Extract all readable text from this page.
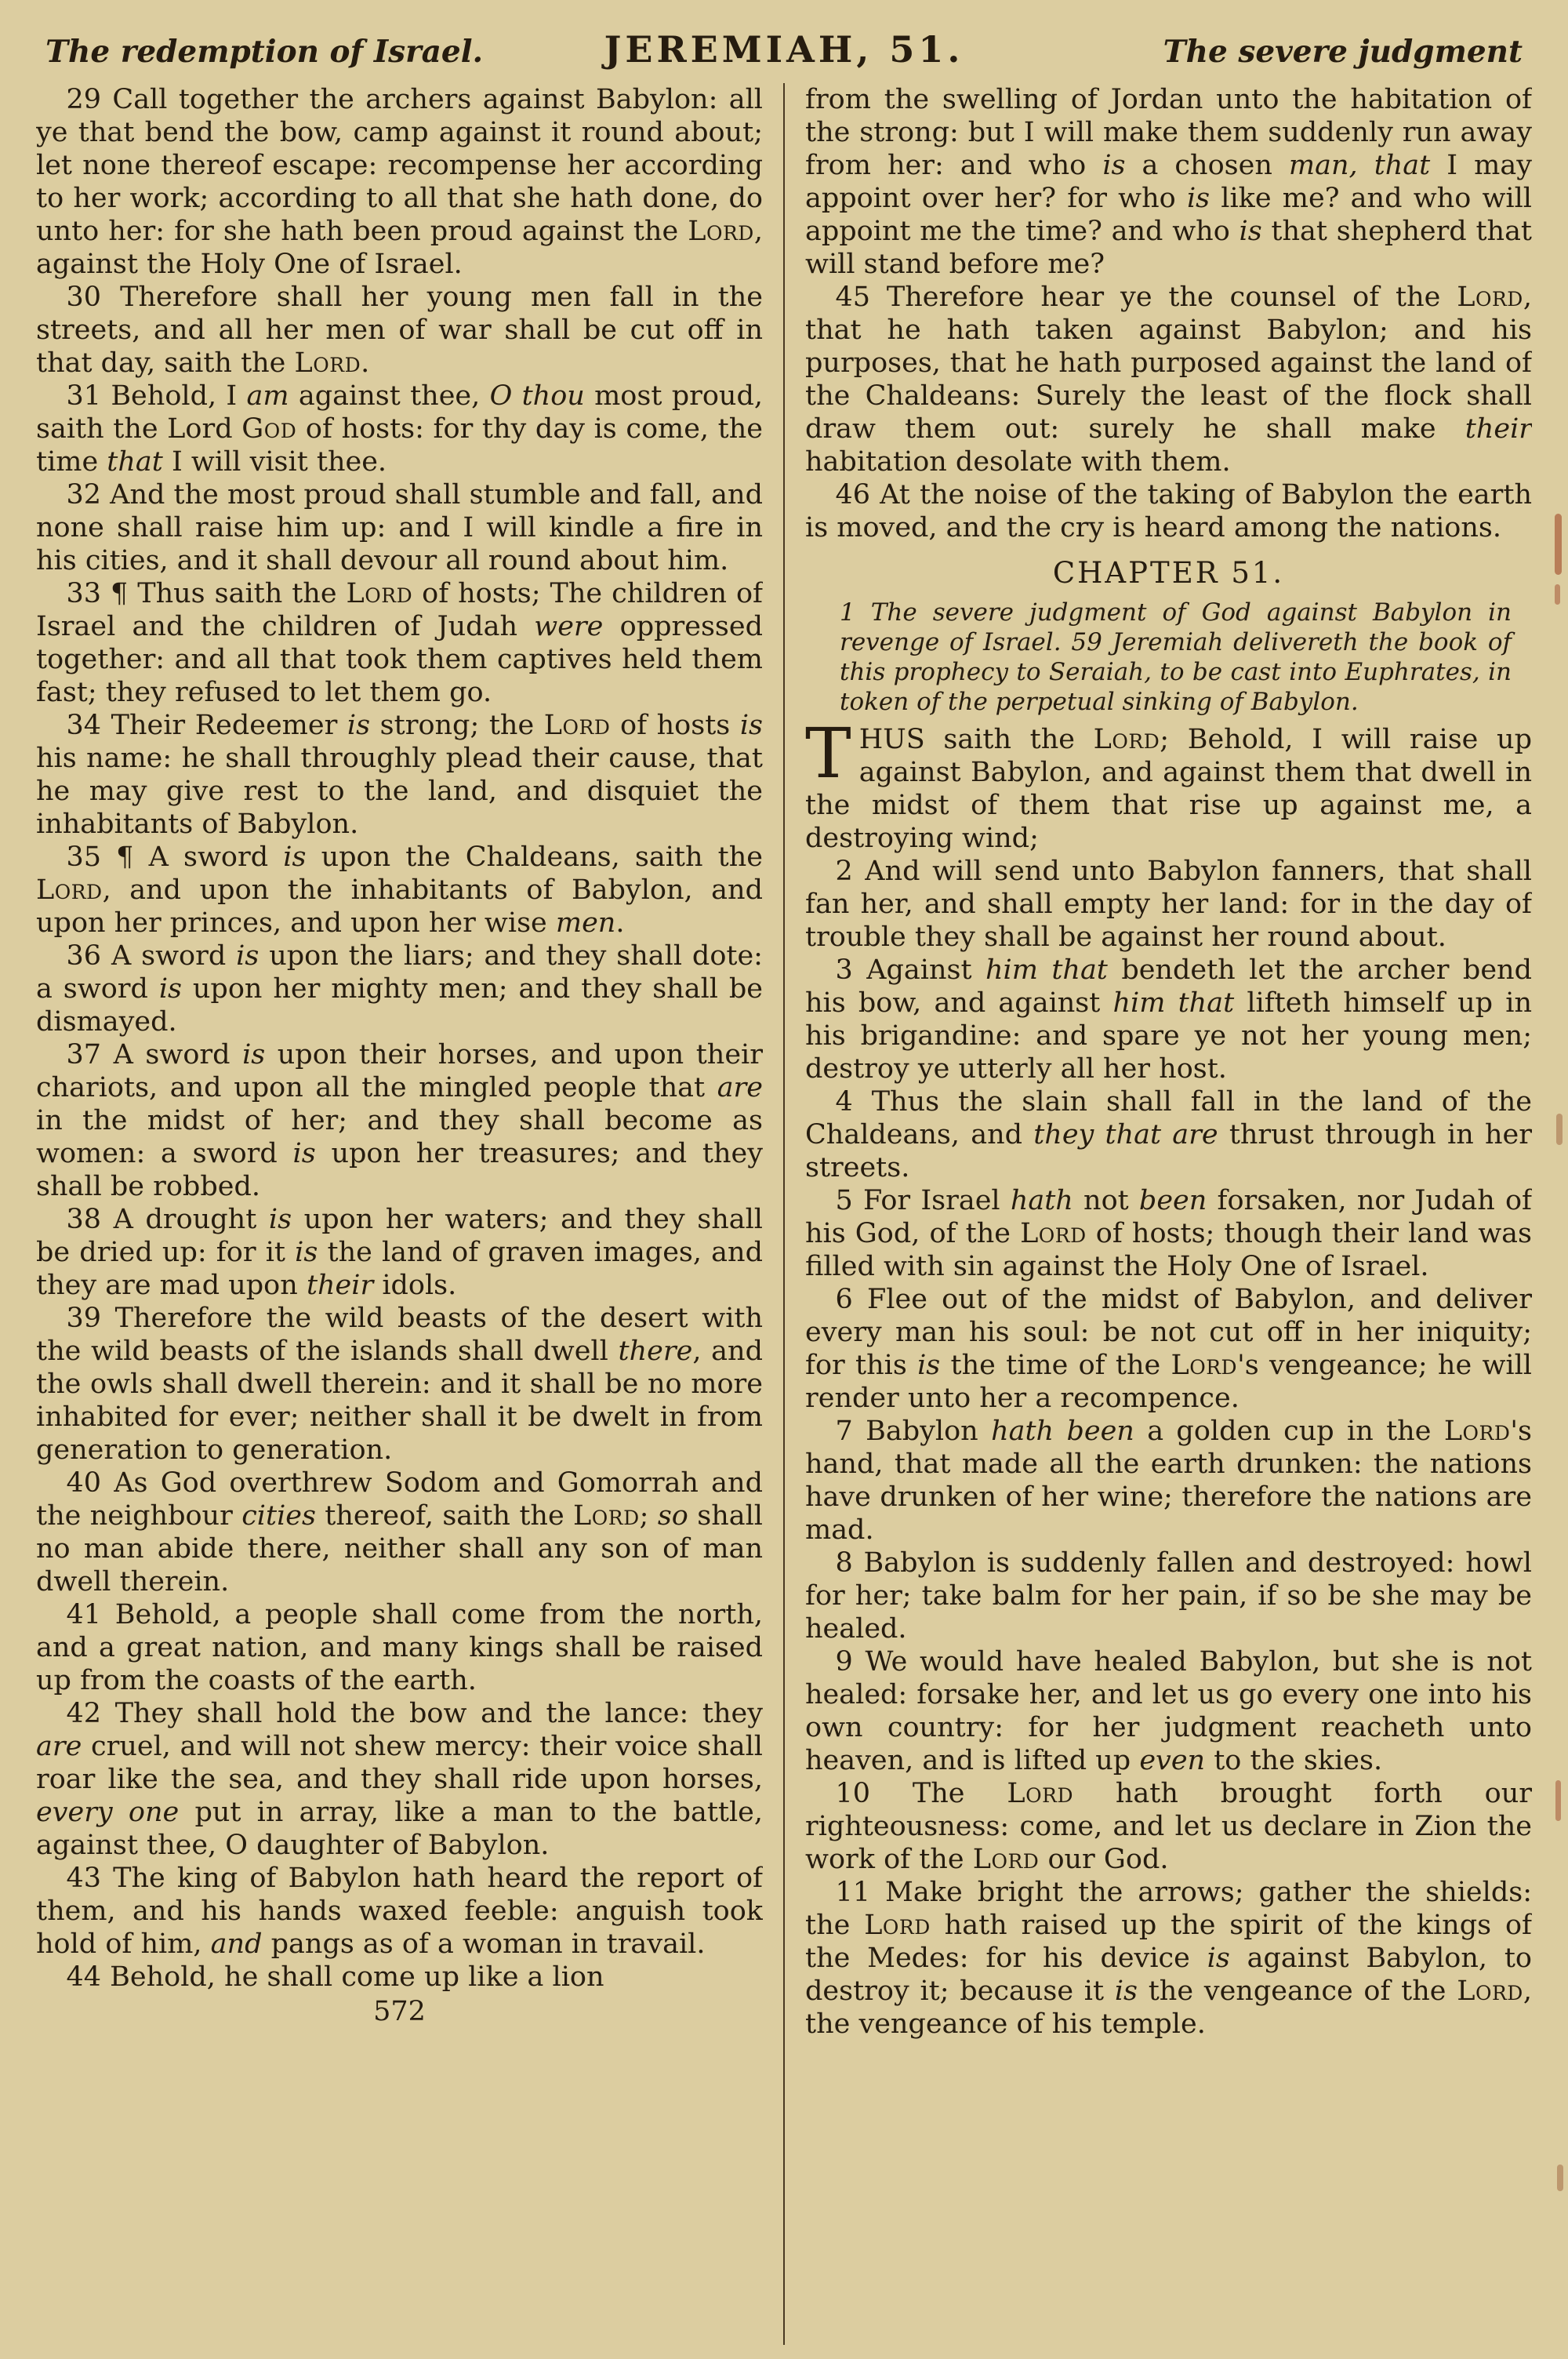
The redemption of Israel.	JEREMIAH, 51.	The severe judgment

29 Call together the archers against Babylon: all ye that bend the bow, camp against it round about; let none thereof escape: recompense her according to her work; according to all that she hath done, do unto her: for she hath been proud against the Lord, against the Holy One of Israel.

30 Therefore shall her young men fall in the streets, and all her men of war shall be cut off in that day, saith the Lord.

31 Behold, I am against thee, O thou most proud, saith the Lord God of hosts: for thy day is come, the time that I will visit thee.

32 And the most proud shall stumble and fall, and none shall raise him up: and I will kindle a fire in his cities, and it shall devour all round about him.

33 ¶ Thus saith the Lord of hosts; The children of Israel and the children of Judah were oppressed together: and all that took them captives held them fast; they refused to let them go.

34 Their Redeemer is strong; the Lord of hosts is his name: he shall throughly plead their cause, that he may give rest to the land, and disquiet the inhabitants of Babylon.

35 ¶ A sword is upon the Chaldeans, saith the Lord, and upon the inhabitants of Babylon, and upon her princes, and upon her wise men.

36 A sword is upon the liars; and they shall dote: a sword is upon her mighty men; and they shall be dismayed.

37 A sword is upon their horses, and upon their chariots, and upon all the mingled people that are in the midst of her; and they shall become as women: a sword is upon her treasures; and they shall be robbed.

38 A drought is upon her waters; and they shall be dried up: for it is the land of graven images, and they are mad upon their idols.

39 Therefore the wild beasts of the desert with the wild beasts of the islands shall dwell there, and the owls shall dwell therein: and it shall be no more inhabited for ever; neither shall it be dwelt in from generation to generation.

40 As God overthrew Sodom and Gomorrah and the neighbour cities thereof, saith the Lord; so shall no man abide there, neither shall any son of man dwell therein.

41 Behold, a people shall come from the north, and a great nation, and many kings shall be raised up from the coasts of the earth.

42 They shall hold the bow and the lance: they are cruel, and will not shew mercy: their voice shall roar like the sea, and they shall ride upon horses, every one put in array, like a man to the battle, against thee, O daughter of Babylon.

43 The king of Babylon hath heard the report of them, and his hands waxed feeble: anguish took hold of him, and pangs as of a woman in travail.

44 Behold, he shall come up like a lion

572

from the swelling of Jordan unto the habitation of the strong: but I will make them suddenly run away from her: and who is a chosen man, that I may appoint over her? for who is like me? and who will appoint me the time? and who is that shepherd that will stand before me?

45 Therefore hear ye the counsel of the Lord, that he hath taken against Babylon; and his purposes, that he hath purposed against the land of the Chaldeans: Surely the least of the flock shall draw them out: surely he shall make their habitation desolate with them.

46 At the noise of the taking of Babylon the earth is moved, and the cry is heard among the nations.

CHAPTER 51.

1 The severe judgment of God against Babylon in revenge of Israel. 59 Jeremiah delivereth the book of this prophecy to Seraiah, to be cast into Euphrates, in token of the perpetual sinking of Babylon.

THUS saith the Lord; Behold, I will raise up against Babylon, and against them that dwell in the midst of them that rise up against me, a destroying wind;

2 And will send unto Babylon fanners, that shall fan her, and shall empty her land: for in the day of trouble they shall be against her round about.

3 Against him that bendeth let the archer bend his bow, and against him that lifteth himself up in his brigandine: and spare ye not her young men; destroy ye utterly all her host.

4 Thus the slain shall fall in the land of the Chaldeans, and they that are thrust through in her streets.

5 For Israel hath not been forsaken, nor Judah of his God, of the Lord of hosts; though their land was filled with sin against the Holy One of Israel.

6 Flee out of the midst of Babylon, and deliver every man his soul: be not cut off in her iniquity; for this is the time of the Lord's vengeance; he will render unto her a recompence.

7 Babylon hath been a golden cup in the Lord's hand, that made all the earth drunken: the nations have drunken of her wine; therefore the nations are mad.

8 Babylon is suddenly fallen and destroyed: howl for her; take balm for her pain, if so be she may be healed.

9 We would have healed Babylon, but she is not healed: forsake her, and let us go every one into his own country: for her judgment reacheth unto heaven, and is lifted up even to the skies.

10 The Lord hath brought forth our righteousness: come, and let us declare in Zion the work of the Lord our God.

11 Make bright the arrows; gather the shields: the Lord hath raised up the spirit of the kings of the Medes: for his device is against Babylon, to destroy it; because it is the vengeance of the Lord, the vengeance of his temple.
